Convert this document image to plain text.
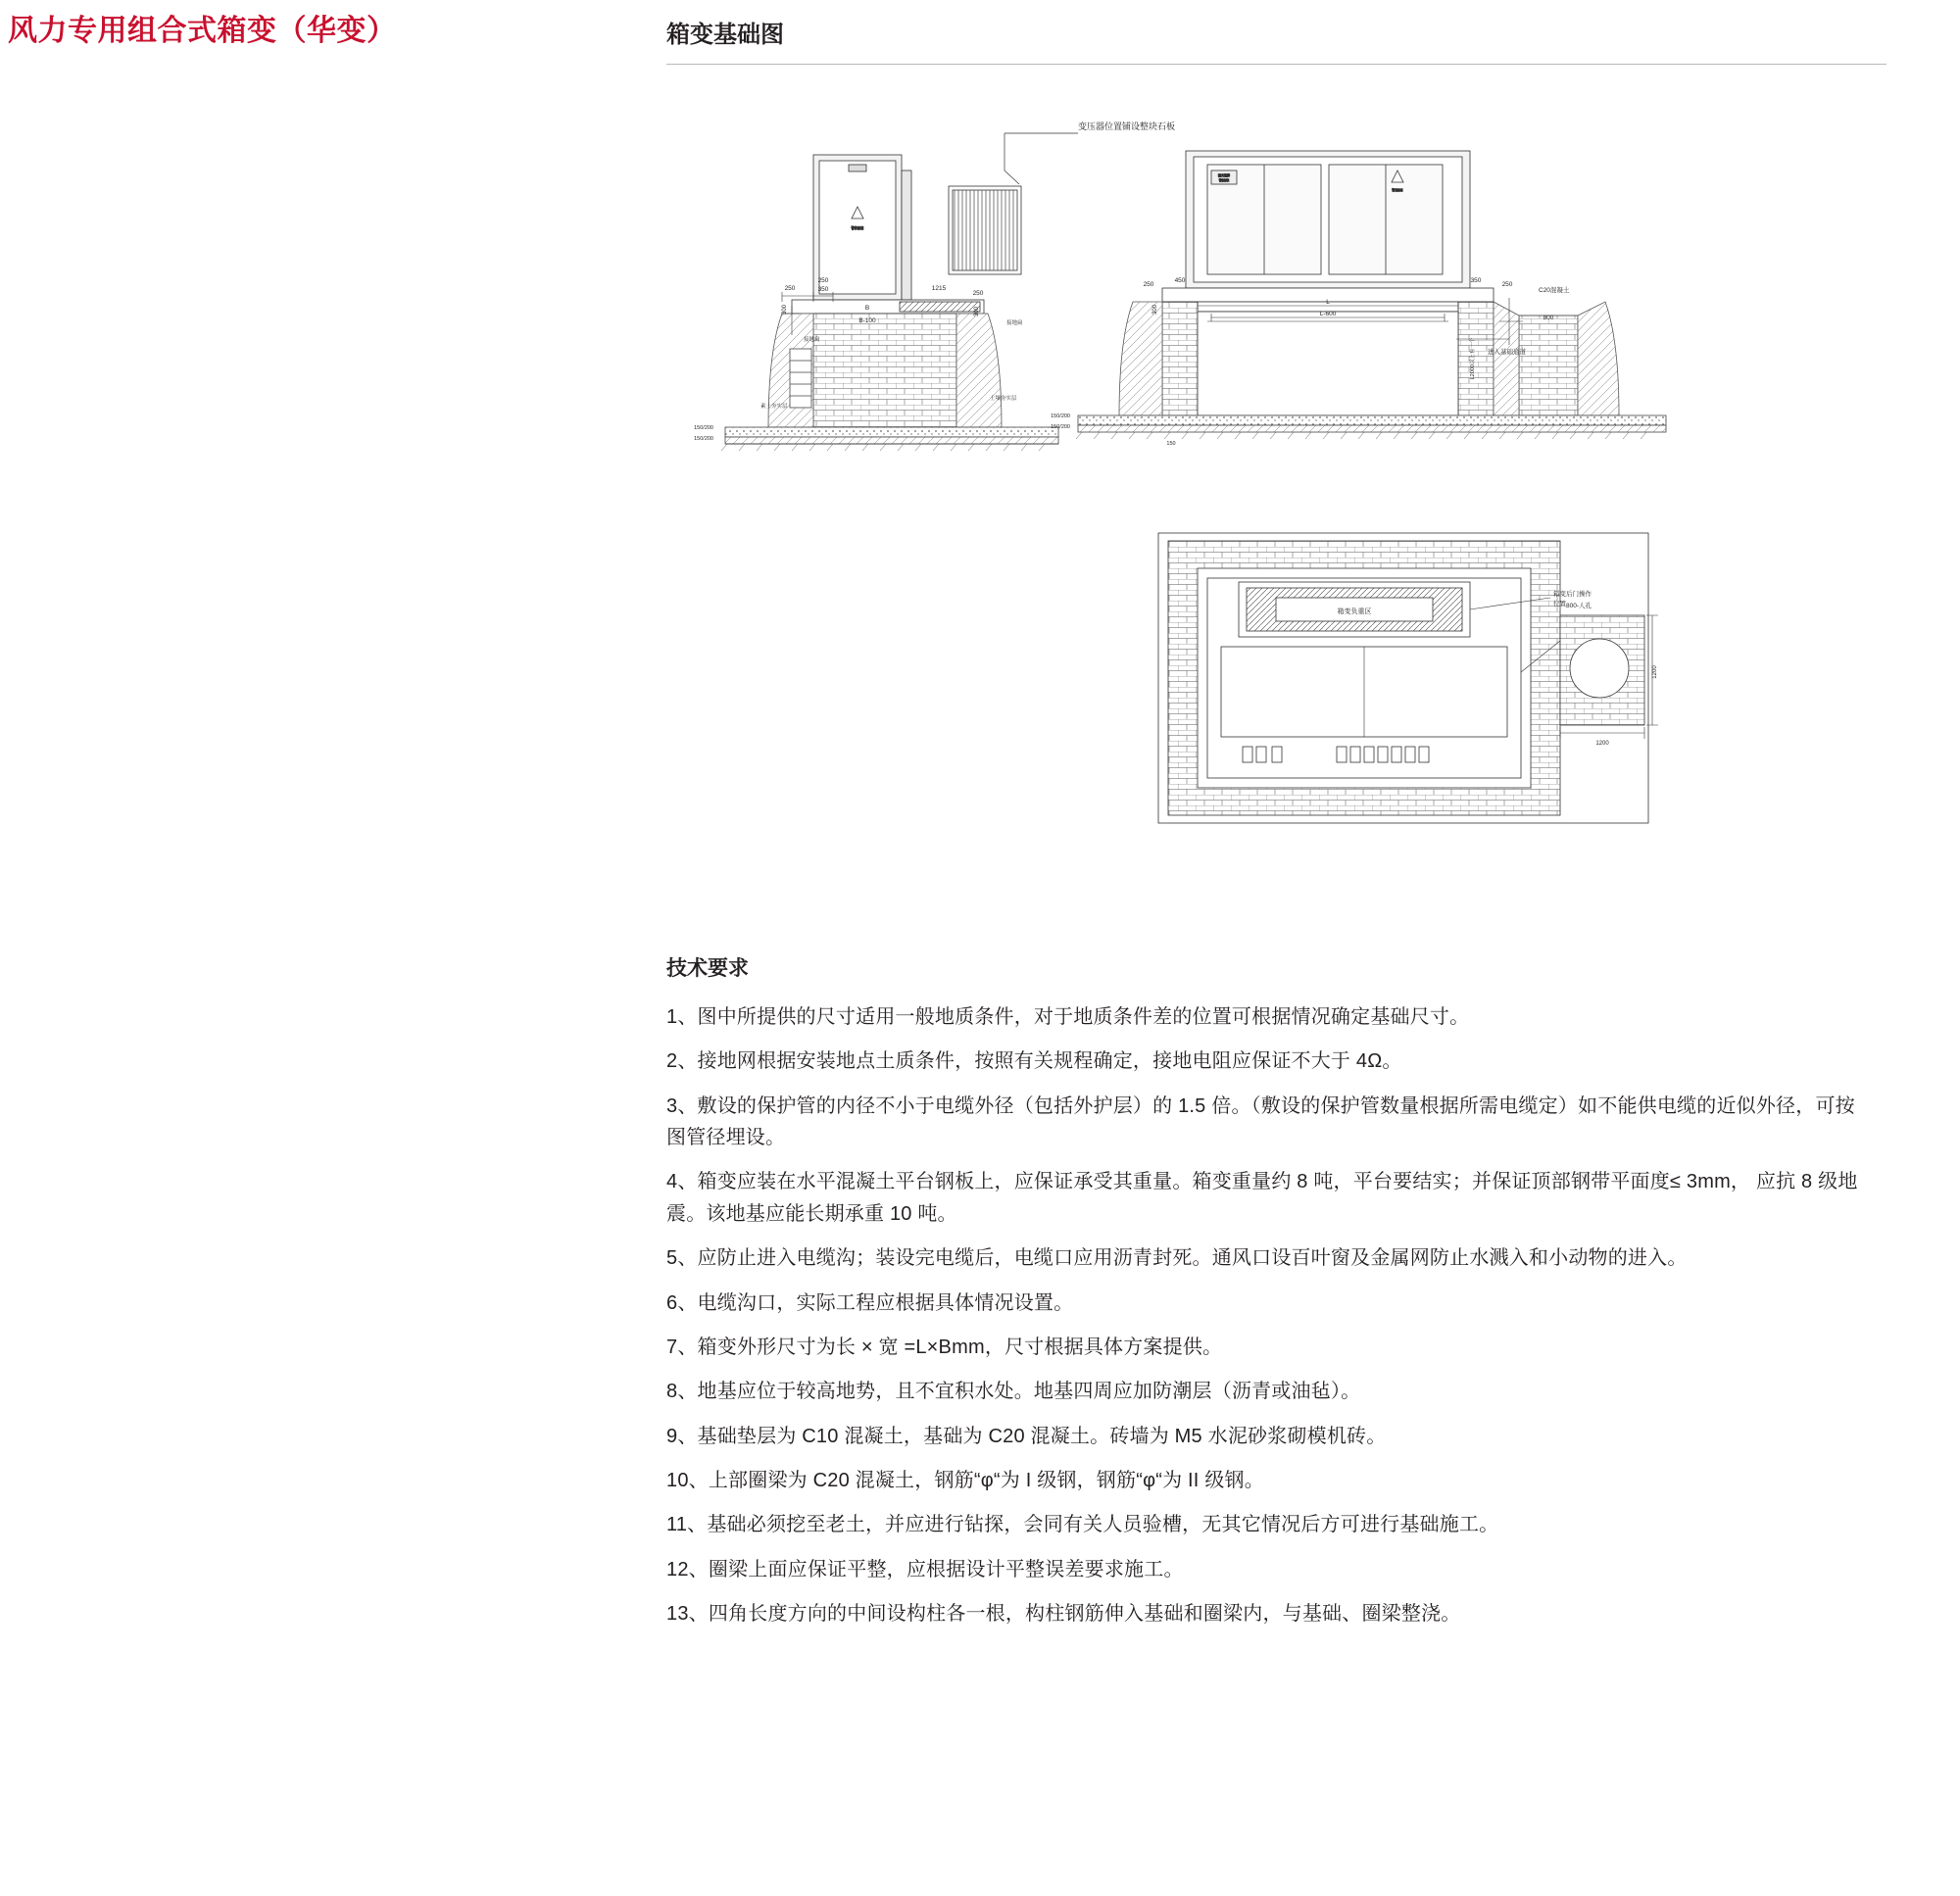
风力专用组合式箱变（华变）	箱变基础图
警告标志
变压器位置铺设整块石板
250
250
350
300	B
B-100
1215
250
300
接地扁
接地扁
素土夯实层
土壤夯实层
150/200
150/200
箱变铭牌
警告标识
警告标志
250
450
300
L
L-600
350
250
C20混凝土
800
L2000以上有一个 进入基础通道
150/200
150/200
150
箱变负重区
箱变后门操作
位置 800-人孔
1200
1200
技术要求
1、图中所提供的尺寸适用一般地质条件，对于地质条件差的位置可根据情况确定基础尺寸。
2、接地网根据安装地点土质条件，按照有关规程确定，接地电阻应保证不大于 4Ω。
3、敷设的保护管的内径不小于电缆外径（包括外护层）的 1.5 倍。（敷设的保护管数量根据所需电缆定）如不能供电缆的近似外径，可按图管径埋设。
4、箱变应装在水平混凝土平台钢板上，应保证承受其重量。箱变重量约 8 吨，平台要结实；并保证顶部钢带平面度≤ 3mm， 应抗 8 级地震。该地基应能长期承重 10 吨。
5、应防止进入电缆沟；装设完电缆后，电缆口应用沥青封死。通风口设百叶窗及金属网防止水溅入和小动物的进入。
6、电缆沟口，实际工程应根据具体情况设置。
7、箱变外形尺寸为长 × 宽 =L×Bmm，尺寸根据具体方案提供。
8、地基应位于较高地势，且不宜积水处。地基四周应加防潮层（沥青或油毡）。
9、基础垫层为 C10 混凝土，基础为 C20 混凝土。砖墙为 M5 水泥砂浆砌模机砖。
10、上部圈梁为 C20 混凝土，钢筋“φ“为 I 级钢，钢筋“φ“为 II 级钢。
11、基础必须挖至老土，并应进行钻探，会同有关人员验槽，无其它情况后方可进行基础施工。
12、圈梁上面应保证平整，应根据设计平整误差要求施工。
13、四角长度方向的中间设构柱各一根，构柱钢筋伸入基础和圈梁内，与基础、圈梁整浇。
